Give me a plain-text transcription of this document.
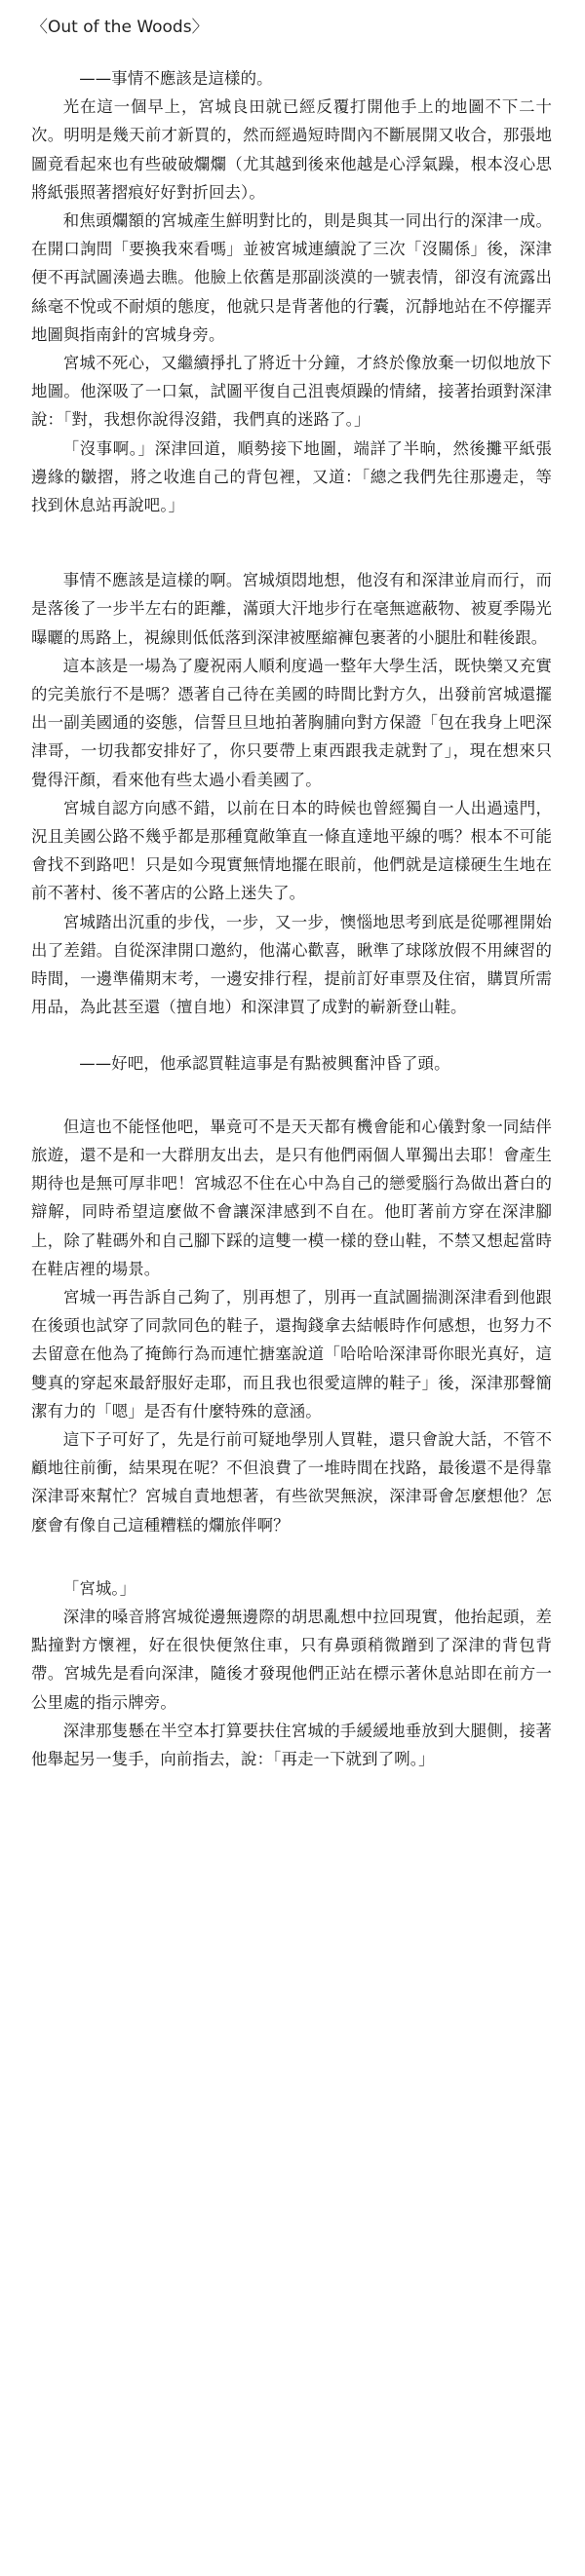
〈Out of the Woods〉

——事情不應該是這樣的。

光在這一個早上，宮城良田就已經反覆打開他手上的地圖不下二十次。明明是幾天前才新買的，然而經過短時間內不斷展開又收合，那張地圖竟看起來也有些破破爛爛（尤其越到後來他越是心浮氣躁，根本沒心思將紙張照著摺痕好好對折回去）。

和焦頭爛額的宮城產生鮮明對比的，則是與其一同出行的深津一成。在開口詢問「要換我來看嗎」並被宮城連續說了三次「沒關係」後，深津便不再試圖湊過去瞧。他臉上依舊是那副淡漠的一號表情，卻沒有流露出絲毫不悅或不耐煩的態度，他就只是背著他的行囊，沉靜地站在不停擺弄地圖與指南針的宮城身旁。

宮城不死心，又繼續掙扎了將近十分鐘，才終於像放棄一切似地放下地圖。他深吸了一口氣，試圖平復自己沮喪煩躁的情緒，接著抬頭對深津說：「對，我想你說得沒錯，我們真的迷路了。」

「沒事啊。」深津回道，順勢接下地圖，端詳了半晌，然後攤平紙張邊緣的皺摺，將之收進自己的背包裡，又道：「總之我們先往那邊走，等找到休息站再說吧。」

事情不應該是這樣的啊。宮城煩悶地想，他沒有和深津並肩而行，而是落後了一步半左右的距離，滿頭大汗地步行在毫無遮蔽物、被夏季陽光曝曬的馬路上，視線則低低落到深津被壓縮褲包裹著的小腿肚和鞋後跟。

這本該是一場為了慶祝兩人順利度過一整年大學生活，既快樂又充實的完美旅行不是嗎？憑著自己待在美國的時間比對方久，出發前宮城還擺出一副美國通的姿態，信誓旦旦地拍著胸脯向對方保證「包在我身上吧深津哥，一切我都安排好了，你只要帶上東西跟我走就對了」，現在想來只覺得汗顏，看來他有些太過小看美國了。

宮城自認方向感不錯，以前在日本的時候也曾經獨自一人出過遠門，況且美國公路不幾乎都是那種寬敞筆直一條直達地平線的嗎？根本不可能會找不到路吧！只是如今現實無情地擺在眼前，他們就是這樣硬生生地在前不著村、後不著店的公路上迷失了。

宮城踏出沉重的步伐，一步，又一步，懊惱地思考到底是從哪裡開始出了差錯。自從深津開口邀約，他滿心歡喜，瞅準了球隊放假不用練習的時間，一邊準備期末考，一邊安排行程，提前訂好車票及住宿，購買所需用品，為此甚至還（擅自地）和深津買了成對的嶄新登山鞋。

——好吧，他承認買鞋這事是有點被興奮沖昏了頭。

但這也不能怪他吧，畢竟可不是天天都有機會能和心儀對象一同結伴旅遊，還不是和一大群朋友出去，是只有他們兩個人單獨出去耶！會產生期待也是無可厚非吧！宮城忍不住在心中為自己的戀愛腦行為做出蒼白的辯解，同時希望這麼做不會讓深津感到不自在。他盯著前方穿在深津腳上，除了鞋碼外和自己腳下踩的這雙一模一樣的登山鞋，不禁又想起當時在鞋店裡的場景。

宮城一再告訴自己夠了，別再想了，別再一直試圖揣測深津看到他跟在後頭也試穿了同款同色的鞋子，還掏錢拿去結帳時作何感想，也努力不去留意在他為了掩飾行為而連忙搪塞說道「哈哈哈深津哥你眼光真好，這雙真的穿起來最舒服好走耶，而且我也很愛這牌的鞋子」後，深津那聲簡潔有力的「嗯」是否有什麼特殊的意涵。

這下子可好了，先是行前可疑地學別人買鞋，還只會說大話，不管不顧地往前衝，結果現在呢？不但浪費了一堆時間在找路，最後還不是得靠深津哥來幫忙？宮城自責地想著，有些欲哭無淚，深津哥會怎麼想他？怎麼會有像自己這種糟糕的爛旅伴啊？

「宮城。」

深津的嗓音將宮城從邊無邊際的胡思亂想中拉回現實，他抬起頭，差點撞對方懷裡，好在很快便煞住車，只有鼻頭稍微蹭到了深津的背包背帶。宮城先是看向深津，隨後才發現他們正站在標示著休息站即在前方一公里處的指示牌旁。

深津那隻懸在半空本打算要扶住宮城的手緩緩地垂放到大腿側，接著他舉起另一隻手，向前指去，說：「再走一下就到了咧。」
